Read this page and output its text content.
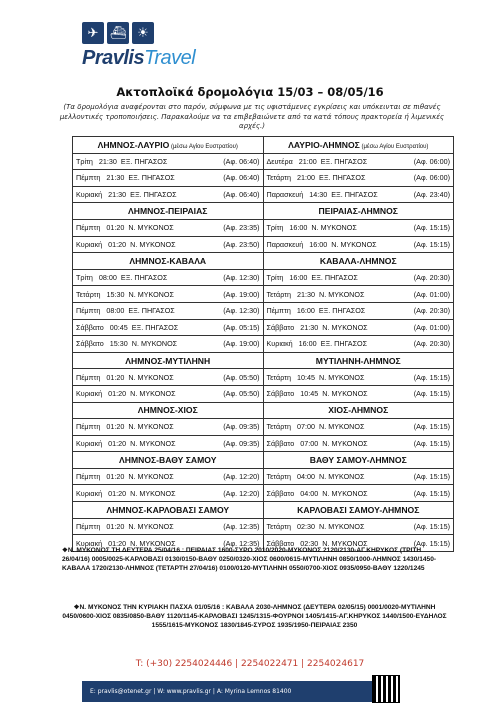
✈ ⛴ ☀
PravlisTravel
Ακτοπλοϊκά δρομολόγια 15/03 – 08/05/16
(Τα δρομολόγια αναφέρονται στο παρόν, σύμφωνα με τις υφιστάμενες εγκρίσεις και υπόκεινται σε πιθανές μελλοντικές τροποποιήσεις. Παρακαλούμε να τα επιβεβαιώνετε από τα κατά τόπους πρακτορεία ή λιμενικές αρχές.)
ΛΗΜΝΟΣ-ΛΑΥΡΙΟ (μέσω Αγίου Ευστρατίου)	ΛΑΥΡΙΟ-ΛΗΜΝΟΣ (μέσω Αγίου Ευστρατίου)

Τρίτη 21:30 ΕΞ. ΠΗΓΑΣΟΣ (Αφ. 06:40)	Δευτέρα 21:00 ΕΞ. ΠΗΓΑΣΟΣ (Αφ. 06:00)

Πέμπτη 21:30 ΕΞ. ΠΗΓΑΣΟΣ (Αφ. 06:40)	Τετάρτη 21:00 ΕΞ. ΠΗΓΑΣΟΣ (Αφ. 06:00)

Κυριακή 21:30 ΕΞ. ΠΗΓΑΣΟΣ (Αφ. 06:40)	Παρασκευή 14:30 ΕΞ. ΠΗΓΑΣΟΣ (Αφ. 23:40)

ΛΗΜΝΟΣ-ΠΕΙΡΑΙΑΣ	ΠΕΙΡΑΙΑΣ-ΛΗΜΝΟΣ

Πέμπτη 01:20 Ν. ΜΥΚΟΝΟΣ (Αφ. 23:35)	Τρίτη 16:00 Ν. ΜΥΚΟΝΟΣ (Αφ. 15:15)

Κυριακή 01:20 Ν. ΜΥΚΟΝΟΣ (Αφ. 23:50)	Παρασκευή 16:00 Ν. ΜΥΚΟΝΟΣ (Αφ. 15:15)

ΛΗΜΝΟΣ-ΚΑΒΑΛΑ	ΚΑΒΑΛΑ-ΛΗΜΝΟΣ

Τρίτη 08:00 ΕΞ. ΠΗΓΑΣΟΣ (Αφ. 12:30)	Τρίτη 16:00 ΕΞ. ΠΗΓΑΣΟΣ (Αφ. 20:30)

Τετάρτη 15:30 Ν. ΜΥΚΟΝΟΣ (Αφ. 19:00)	Τετάρτη 21:30 Ν. ΜΥΚΟΝΟΣ (Αφ. 01:00)

Πέμπτη 08:00 ΕΞ. ΠΗΓΑΣΟΣ (Αφ. 12:30)	Πέμπτη 16:00 ΕΞ. ΠΗΓΑΣΟΣ (Αφ. 20:30)

Σάββατο 00:45 ΕΞ. ΠΗΓΑΣΟΣ (Αφ. 05:15)	Σάββατο 21:30 Ν. ΜΥΚΟΝΟΣ (Αφ. 01:00)

Σάββατο 15:30 Ν. ΜΥΚΟΝΟΣ (Αφ. 19:00)	Κυριακή 16:00 ΕΞ. ΠΗΓΑΣΟΣ (Αφ. 20:30)

ΛΗΜΝΟΣ-ΜΥΤΙΛΗΝΗ	ΜΥΤΙΛΗΝΗ-ΛΗΜΝΟΣ

Πέμπτη 01:20 Ν. ΜΥΚΟΝΟΣ (Αφ. 05:50)	Τετάρτη 10:45 Ν. ΜΥΚΟΝΟΣ (Αφ. 15:15)

Κυριακή 01:20 Ν. ΜΥΚΟΝΟΣ (Αφ. 05:50)	Σάββατο 10:45 Ν. ΜΥΚΟΝΟΣ (Αφ. 15:15)

ΛΗΜΝΟΣ-ΧΙΟΣ	ΧΙΟΣ-ΛΗΜΝΟΣ

Πέμπτη 01:20 Ν. ΜΥΚΟΝΟΣ (Αφ. 09:35)	Τετάρτη 07:00 Ν. ΜΥΚΟΝΟΣ (Αφ. 15:15)

Κυριακή 01:20 Ν. ΜΥΚΟΝΟΣ (Αφ. 09:35)	Σάββατο 07:00 Ν. ΜΥΚΟΝΟΣ (Αφ. 15:15)

ΛΗΜΝΟΣ-ΒΑΘΥ ΣΑΜΟΥ	ΒΑΘΥ ΣΑΜΟΥ-ΛΗΜΝΟΣ

Πέμπτη 01:20 Ν. ΜΥΚΟΝΟΣ (Αφ. 12:20)	Τετάρτη 04:00 Ν. ΜΥΚΟΝΟΣ (Αφ. 15:15)

Κυριακή 01:20 Ν. ΜΥΚΟΝΟΣ (Αφ. 12:20)	Σάββατο 04:00 Ν. ΜΥΚΟΝΟΣ (Αφ. 15:15)

ΛΗΜΝΟΣ-ΚΑΡΛΟΒΑΣΙ ΣΑΜΟΥ	ΚΑΡΛΟΒΑΣΙ ΣΑΜΟΥ-ΛΗΜΝΟΣ

Πέμπτη 01:20 Ν. ΜΥΚΟΝΟΣ (Αφ. 12:35)	Τετάρτη 02:30 Ν. ΜΥΚΟΝΟΣ (Αφ. 15:15)

Κυριακή 01:20 Ν. ΜΥΚΟΝΟΣ (Αφ. 12:35)	Σάββατο 02:30 Ν. ΜΥΚΟΝΟΣ (Αφ. 15:15)
❖Ν. ΜΥΚΟΝΟΣ ΤΗ ΔΕΥΤΕΡΑ 25/04/16 : ΠΕΙΡΑΙΑΣ 1600-ΣΥΡΟ 2010/2020-ΜΥΚΟΝΟΣ 2120/2130-ΑΓ.ΚΗΡΥΚΟΣ (ΤΡΙΤΗ 26/04/16) 0005/0025-ΚΑΡΛΟΒΑΣΙ 0130/0150-ΒΑΘΥ 0250/0320-ΧΙΟΣ 0600/0615-ΜΥΤΙΛΗΝΗ 0850/1000-ΛΗΜΝΟΣ 1430/1450-ΚΑΒΑΛΑ 1720/2130-ΛΗΜΝΟΣ (ΤΕΤΑΡΤΗ 27/04/16) 0100/0120-ΜΥΤΙΛΗΝΗ 0550/0700-ΧΙΟΣ 0935/0950-ΒΑΘΥ 1220/1245
❖Ν. ΜΥΚΟΝΟΣ ΤΗΝ ΚΥΡΙΑΚΗ ΠΑΣΧΑ 01/05/16 : ΚΑΒΑΛΑ 2030-ΛΗΜΝΟΣ (ΔΕΥΤΕΡΑ 02/05/15) 0001/0020-ΜΥΤΙΛΗΝΗ 0450/0600-ΧΙΟΣ 0835/0850-ΒΑΘΥ 1120/1145-ΚΑΡΛΟΒΑΣΙ 1245/1315-ΦΟΥΡΝΟΙ 1405/1415-ΑΓ.ΚΗΡΥΚΟΣ 1440/1500-ΕΥΔΗΛΟΣ 1555/1615-ΜΥΚΟΝΟΣ 1830/1845-ΣΥΡΟΣ 1935/1950-ΠΕΙΡΑΙΑΣ 2350
T: (+30) 2254024446 | 2254022471 | 2254024617
E: pravlis@otenet.gr | W: www.pravlis.gr | A: Myrina Lemnos 81400
